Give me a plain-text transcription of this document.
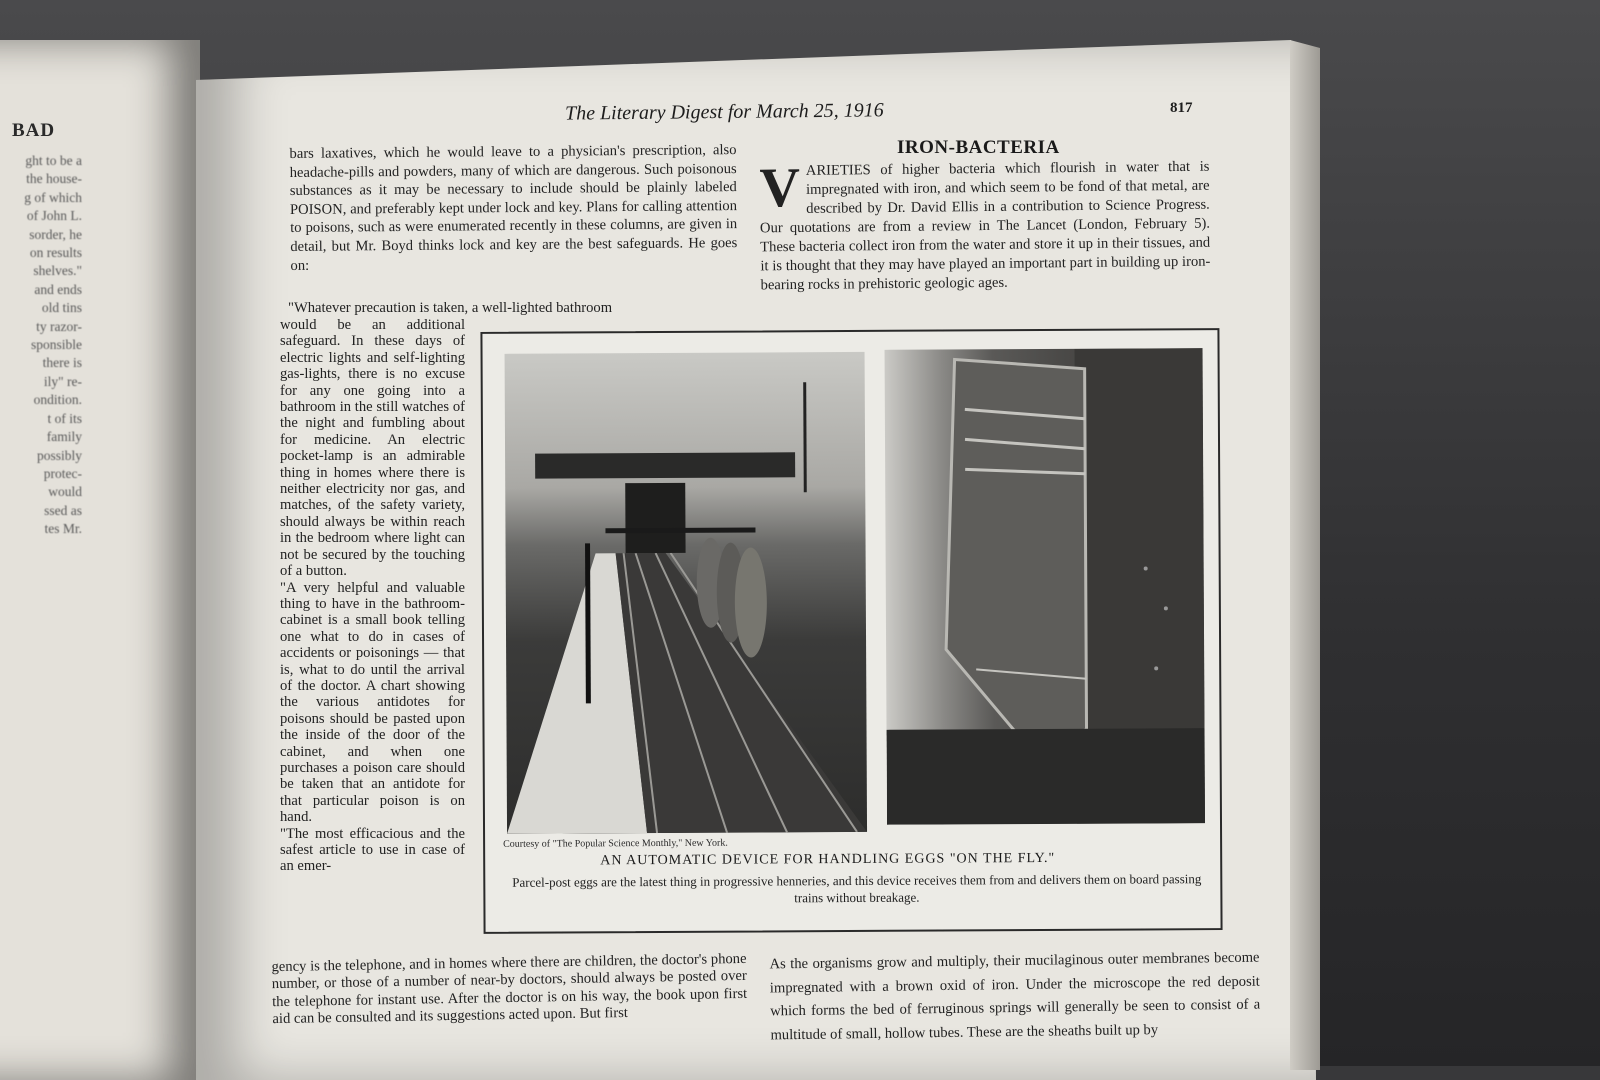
BAD
ght to be a
the house-
g of which
of John L.
sorder, he
on results
shelves."
and ends
old tins
ty razor-
sponsible
there is
ily" re-
ondition.
t of its
family
possibly
protec-
would
ssed as
tes Mr.
The Literary Digest for March 25, 1916	817

bars laxatives, which he would leave to a physician's prescription, also headache-pills and powders, many of which are dangerous. Such poisonous substances as it may be necessary to include should be plainly labeled POISON, and preferably kept under lock and key. Plans for calling attention to poisons, such as were enumerated recently in these columns, are given in detail, but Mr. Boyd thinks lock and key are the best safeguards. He goes on:

"Whatever precaution is taken, a well-lighted bathroom

would be an additional safeguard. In these days of electric lights and self-lighting gas-lights, there is no excuse for any one going into a bathroom in the still watches of the night and fumbling about for medicine. An electric pocket-lamp is an admirable thing in homes where there is neither electricity nor gas, and matches, of the safety variety, should always be within reach in the bedroom where light can not be secured by the touching of a button.

"A very helpful and valuable thing to have in the bathroom-cabinet is a small book telling one what to do in cases of accidents or poisonings — that is, what to do until the arrival of the doctor. A chart showing the various antidotes for poisons should be pasted upon the inside of the door of the cabinet, and when one purchases a poison care should be taken that an antidote for that particular poison is on hand.

"The most efficacious and the safest article to use in case of an emer-

gency is the telephone, and in homes where there are children, the doctor's phone number, or those of a number of near-by doctors, should always be posted over the telephone for instant use. After the doctor is on his way, the book upon first aid can be consulted and its suggestions acted upon. But first
IRON-BACTERIA
V ARIETIES of higher bacteria which flourish in water that is impregnated with iron, and which seem to be fond of that metal, are described by Dr. David Ellis in a contribution to Science Progress. Our quotations are from a review in The Lancet (London, February 5). These bacteria collect iron from the water and store it up in their tissues, and it is thought that they may have played an important part in building up iron-bearing rocks in prehistoric geologic ages.
As the organisms grow and multiply, their mucilaginous outer membranes become impregnated with a brown oxid of iron. Under the microscope the red deposit which forms the bed of ferruginous springs will generally be seen to consist of a multitude of small, hollow tubes. These are the sheaths built up by
Courtesy of "The Popular Science Monthly," New York.
AN AUTOMATIC DEVICE FOR HANDLING EGGS "ON THE FLY."
Parcel-post eggs are the latest thing in progressive henneries, and this device receives them from and delivers them on board passing trains without breakage.
